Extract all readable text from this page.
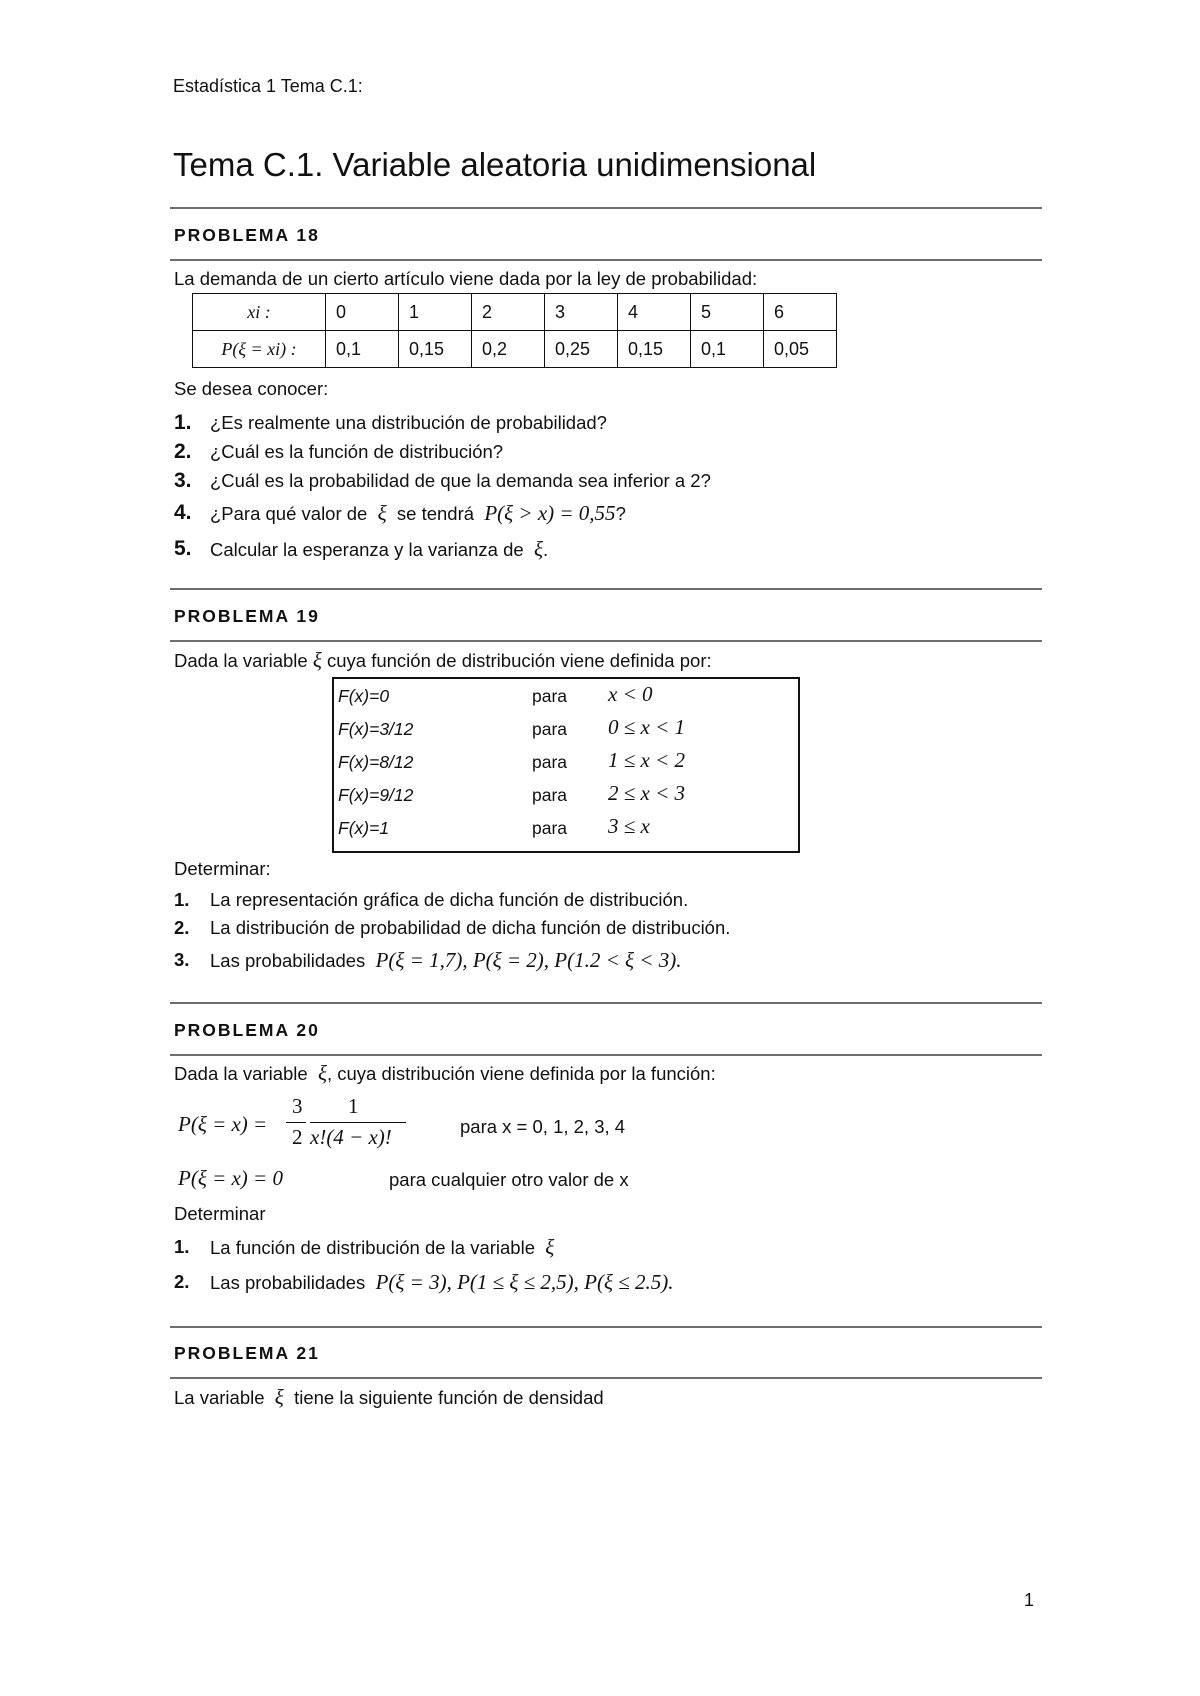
Estadística 1 Tema C.1:
Tema C.1. Variable aleatoria unidimensional
PROBLEMA 18
La demanda de un cierto artículo viene dada por la ley de probabilidad:
xi :	0	1	2	3	4	5	6
P(ξ = xi) :	0,1	0,15	0,2	0,25	0,15	0,1	0,05
Se desea conocer:
1. ¿Es realmente una distribución de probabilidad?
2. ¿Cuál es la función de distribución?
3. ¿Cuál es la probabilidad de que la demanda sea inferior a 2?
4. ¿Para qué valor de ξ se tendrá P(ξ > x) = 0,55?
5. Calcular la esperanza y la varianza de ξ.
PROBLEMA 19
Dada la variable ξ cuya función de distribución viene definida por:
F(x)=0	para x < 0
F(x)=3/12	para 0 ≤ x < 1
F(x)=8/12	para 1 ≤ x < 2
F(x)=9/12	para 2 ≤ x < 3
F(x)=1	para 3 ≤ x
Determinar:
1. La representación gráfica de dicha función de distribución.
2. La distribución de probabilidad de dicha función de distribución.
3. Las probabilidades P(ξ = 1,7), P(ξ = 2), P(1.2 < ξ < 3).
PROBLEMA 20
Dada la variable ξ, cuya distribución viene definida por la función:
P(ξ = x) =
3
2
1
x!(4 − x)!	para x = 0, 1, 2, 3, 4
P(ξ = x) = 0	para cualquier otro valor de x
Determinar
1. La función de distribución de la variable ξ
2. Las probabilidades P(ξ = 3), P(1 ≤ ξ ≤ 2,5), P(ξ ≤ 2.5).
PROBLEMA 21
La variable ξ tiene la siguiente función de densidad
1
